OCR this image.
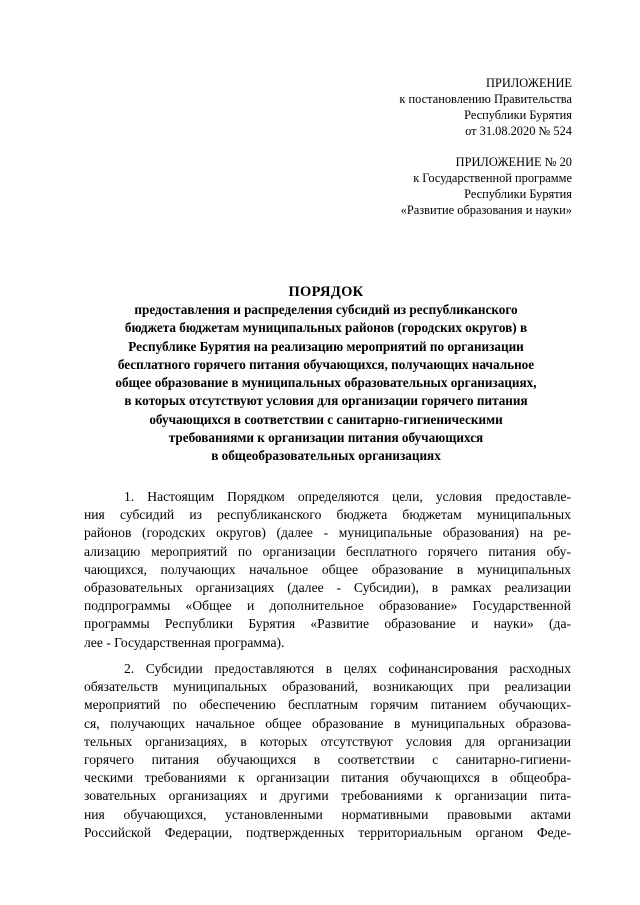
ПРИЛОЖЕНИЕ
к постановлению Правительства
Республики Бурятия
от 31.08.2020 № 524
ПРИЛОЖЕНИЕ № 20
к Государственной программе
Республики Бурятия
«Развитие образования и науки»
ПОРЯДОК
предоставления и распределения субсидий из республиканского
бюджета бюджетам муниципальных районов (городских округов) в
Республике Бурятия на реализацию мероприятий по организации
бесплатного горячего питания обучающихся, получающих начальное
общее образование в муниципальных образовательных организациях,
в которых отсутствуют условия для организации горячего питания
обучающихся в соответствии с санитарно-гигиеническими
требованиями к организации питания обучающихся
в общеобразовательных организациях
1. Настоящим Порядком определяются цели, условия предоставле-
ния субсидий из республиканского бюджета бюджетам муниципальных
районов (городских округов) (далее - муниципальные образования) на ре-
ализацию мероприятий по организации бесплатного горячего питания обу-
чающихся, получающих начальное общее образование в муниципальных
образовательных организациях (далее - Субсидии), в рамках реализации
подпрограммы «Общее и дополнительное образование» Государственной
программы Республики Бурятия «Развитие образование и науки» (да-
лее - Государственная программа).
2. Субсидии предоставляются в целях софинансирования расходных
обязательств муниципальных образований, возникающих при реализации
мероприятий по обеспечению бесплатным горячим питанием обучающих-
ся, получающих начальное общее образование в муниципальных образова-
тельных организациях, в которых отсутствуют условия для организации
горячего питания обучающихся в соответствии с санитарно-гигиени-
ческими требованиями к организации питания обучающихся в общеобра-
зовательных организациях и другими требованиями к организации пита-
ния обучающихся, установленными нормативными правовыми актами
Российской Федерации, подтвержденных территориальным органом Феде-
